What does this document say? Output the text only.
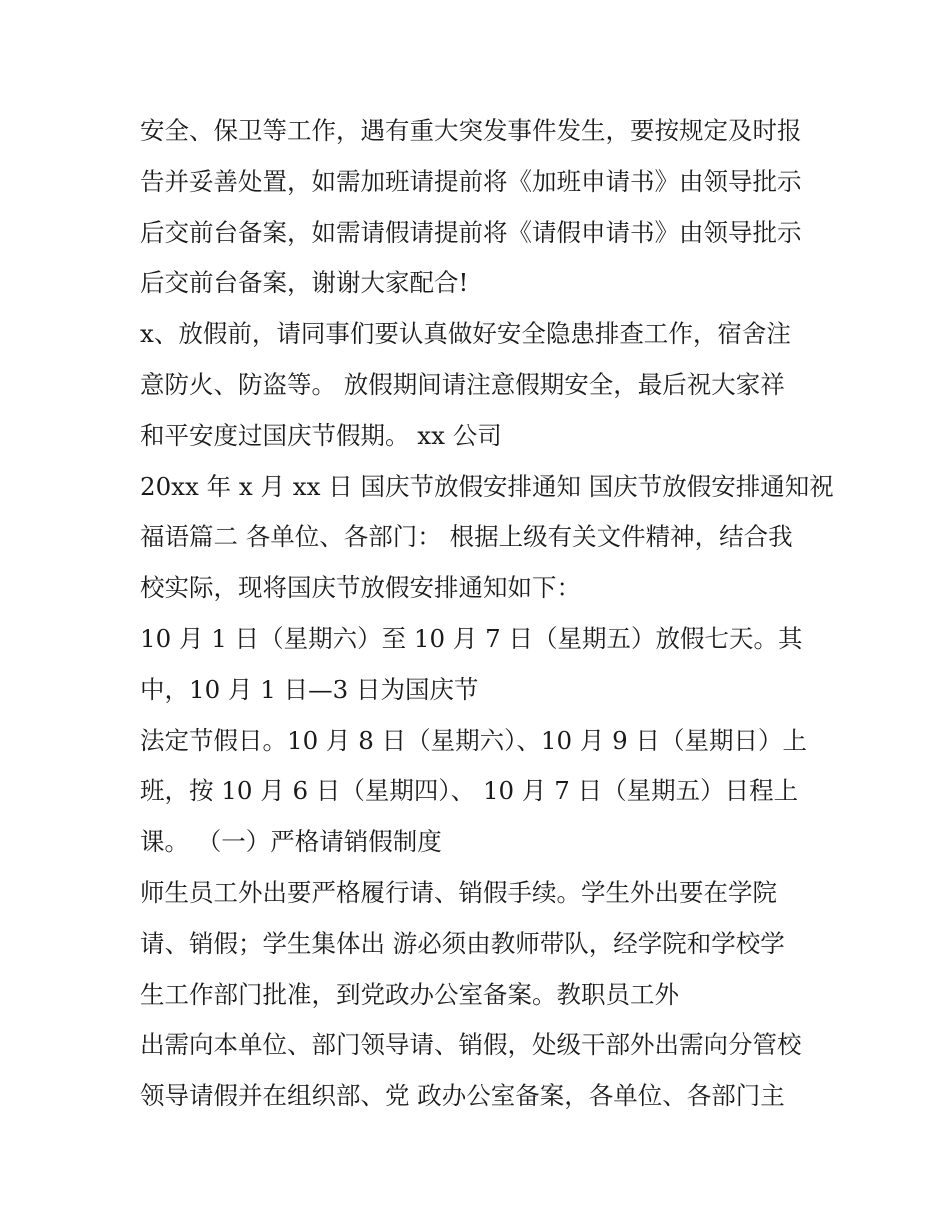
安全、保卫等工作，遇有重大突发事件发生，要按规定及时报
告并妥善处置，如需加班请提前将《加班申请书》由领导批示
后交前台备案，如需请假请提前将《请假申请书》由领导批示
后交前台备案，谢谢大家配合!
x、放假前，请同事们要认真做好安全隐患排查工作，宿舍注
意防火、防盗等。 放假期间请注意假期安全，最后祝大家祥
和平安度过国庆节假期。 xx 公司
20xx 年 x 月 xx 日 国庆节放假安排通知 国庆节放假安排通知祝
福语篇二 各单位、各部门： 根据上级有关文件精神，结合我
校实际，现将国庆节放假安排通知如下：
10 月 1 日（星期六）至 10 月 7 日（星期五）放假七天。其
中，10 月 1 日—3 日为国庆节
法定节假日。10 月 8 日（星期六）、10 月 9 日（星期日）上
班，按 10 月 6 日（星期四）、 10 月 7 日（星期五）日程上
课。 （一）严格请销假制度
师生员工外出要严格履行请、销假手续。学生外出要在学院
请、销假；学生集体出 游必须由教师带队，经学院和学校学
生工作部门批准，到党政办公室备案。教职员工外
出需向本单位、部门领导请、销假，处级干部外出需向分管校
领导请假并在组织部、党 政办公室备案，各单位、各部门主
